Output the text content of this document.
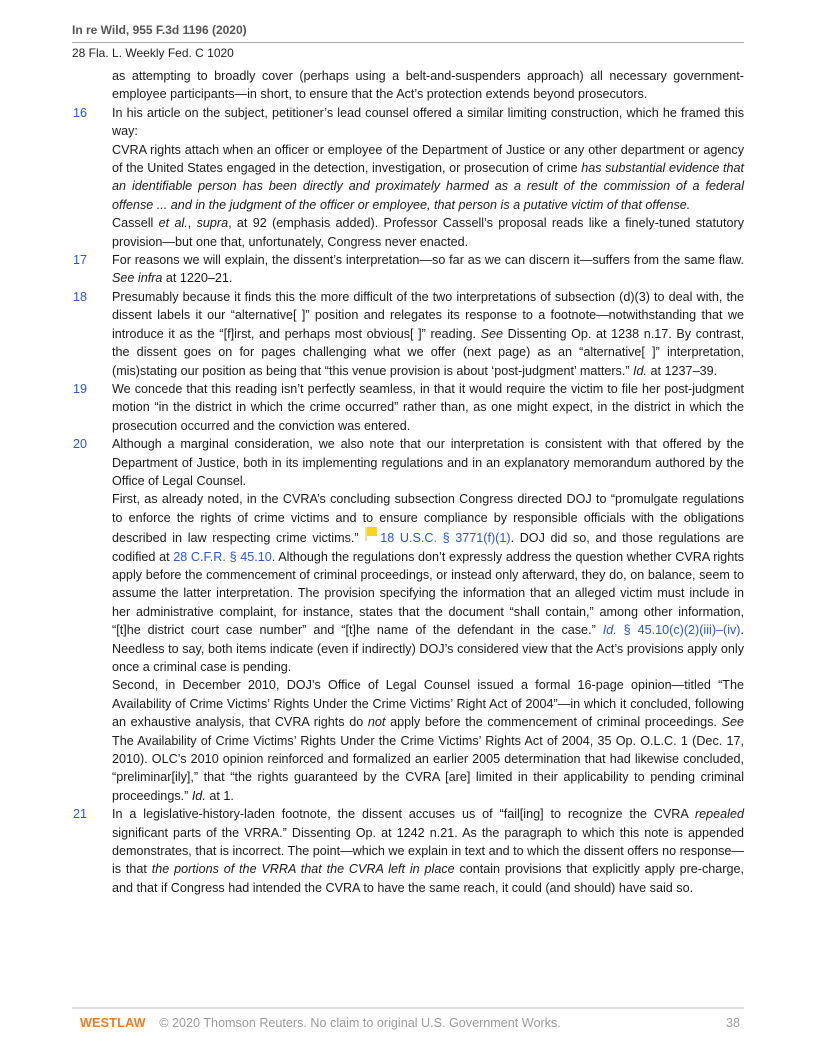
In re Wild, 955 F.3d 1196 (2020)
28 Fla. L. Weekly Fed. C 1020

as attempting to broadly cover (perhaps using a belt-and-suspenders approach) all necessary government-employee participants—in short, to ensure that the Act’s protection extends beyond prosecutors.

16 In his article on the subject, petitioner’s lead counsel offered a similar limiting construction, which he framed this way:

CVRA rights attach when an officer or employee of the Department of Justice or any other department or agency of the United States engaged in the detection, investigation, or prosecution of crime has substantial evidence that an identifiable person has been directly and proximately harmed as a result of the commission of a federal offense ... and in the judgment of the officer or employee, that person is a putative victim of that offense.

Cassell et al., supra, at 92 (emphasis added). Professor Cassell’s proposal reads like a finely-tuned statutory provision—but one that, unfortunately, Congress never enacted.

17 For reasons we will explain, the dissent’s interpretation—so far as we can discern it—suffers from the same flaw. See infra at 1220–21.

18 Presumably because it finds this the more difficult of the two interpretations of subsection (d)(3) to deal with, the dissent labels it our “alternative[ ]” position and relegates its response to a footnote—notwithstanding that we introduce it as the “[f]irst, and perhaps most obvious[ ]” reading. See Dissenting Op. at 1238 n.17. By contrast, the dissent goes on for pages challenging what we offer (next page) as an “alternative[ ]” interpretation, (mis)stating our position as being that “this venue provision is about ‘post-judgment’ matters.” Id. at 1237–39.

19 We concede that this reading isn’t perfectly seamless, in that it would require the victim to file her post-judgment motion “in the district in which the crime occurred” rather than, as one might expect, in the district in which the prosecution occurred and the conviction was entered.

20 Although a marginal consideration, we also note that our interpretation is consistent with that offered by the Department of Justice, both in its implementing regulations and in an explanatory memorandum authored by the Office of Legal Counsel.

First, as already noted, in the CVRA’s concluding subsection Congress directed DOJ to “promulgate regulations to enforce the rights of crime victims and to ensure compliance by responsible officials with the obligations described in law respecting crime victims.” 18 U.S.C. § 3771(f)(1). DOJ did so, and those regulations are codified at 28 C.F.R. § 45.10. Although the regulations don’t expressly address the question whether CVRA rights apply before the commencement of criminal proceedings, or instead only afterward, they do, on balance, seem to assume the latter interpretation. The provision specifying the information that an alleged victim must include in her administrative complaint, for instance, states that the document “shall contain,” among other information, “[t]he district court case number” and “[t]he name of the defendant in the case.” Id. § 45.10(c)(2)(iii)–(iv). Needless to say, both items indicate (even if indirectly) DOJ’s considered view that the Act’s provisions apply only once a criminal case is pending.

Second, in December 2010, DOJ’s Office of Legal Counsel issued a formal 16-page opinion—titled “The Availability of Crime Victims’ Rights Under the Crime Victims’ Right Act of 2004”—in which it concluded, following an exhaustive analysis, that CVRA rights do not apply before the commencement of criminal proceedings. See The Availability of Crime Victims’ Rights Under the Crime Victims’ Rights Act of 2004, 35 Op. O.L.C. 1 (Dec. 17, 2010). OLC’s 2010 opinion reinforced and formalized an earlier 2005 determination that had likewise concluded, “preliminar[ily],” that “the rights guaranteed by the CVRA [are] limited in their applicability to pending criminal proceedings.” Id. at 1.

21 In a legislative-history-laden footnote, the dissent accuses us of “fail[ing] to recognize the CVRA repealed significant parts of the VRRA.” Dissenting Op. at 1242 n.21. As the paragraph to which this note is appended demonstrates, that is incorrect. The point—which we explain in text and to which the dissent offers no response—is that the portions of the VRRA that the CVRA left in place contain provisions that explicitly apply pre-charge, and that if Congress had intended the CVRA to have the same reach, it could (and should) have said so.

WESTLAW © 2020 Thomson Reuters. No claim to original U.S. Government Works.	38
